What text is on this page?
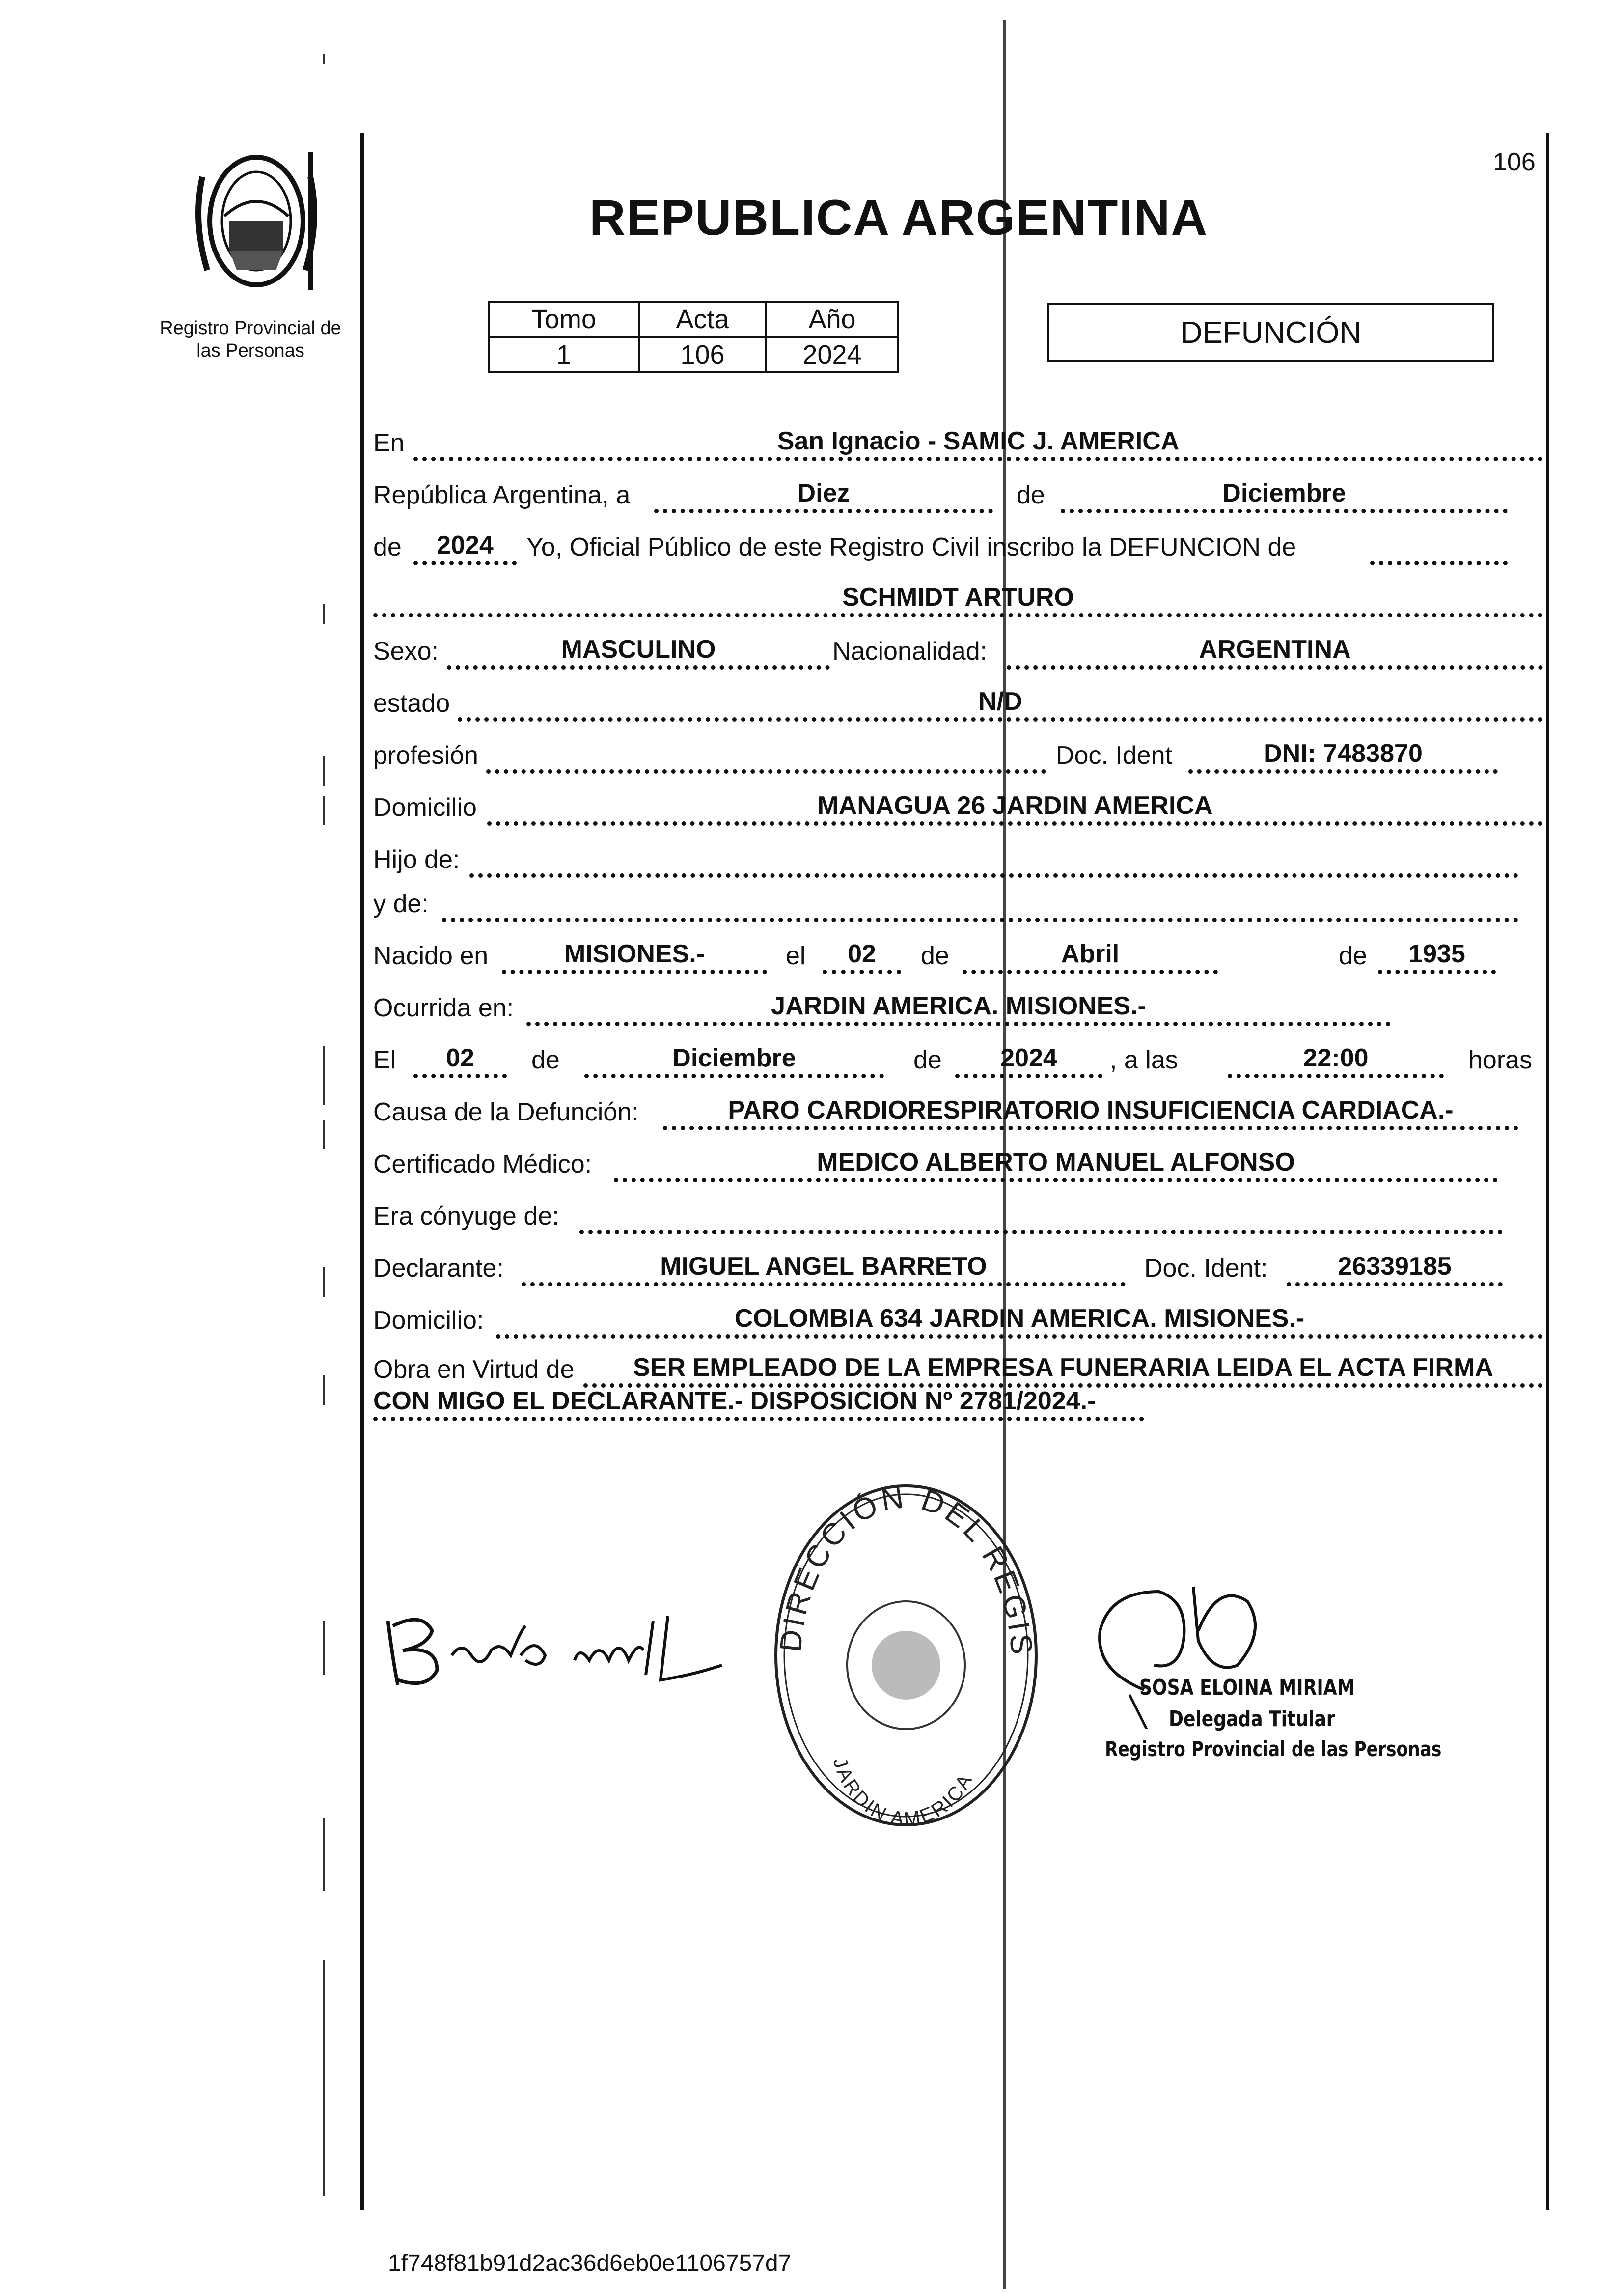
106
Registro Provincial de
las Personas
REPUBLICA ARGENTINA
Tomo	Acta	Año
1	106	2024
DEFUNCIÓN
En	San Ignacio - SAMIC J. AMERICA
República Argentina, a	Diez	de	Diciembre
de	2024	Yo, Oficial Público de este Registro Civil inscribo la DEFUNCION de
SCHMIDT ARTURO
Sexo:	MASCULINO	Nacionalidad:	ARGENTINA
estado	N/D
profesión	Doc. Ident	DNI: 7483870
Domicilio	MANAGUA 26 JARDIN AMERICA
Hijo de:
y de:
Nacido en	MISIONES.-	el	02	de	Abril	de	1935
Ocurrida en:	JARDIN AMERICA. MISIONES.-
El	02	de	Diciembre	de	2024	, a las	22:00	horas
Causa de la Defunción:	PARO CARDIORESPIRATORIO INSUFICIENCIA CARDIACA.-
Certificado Médico:	MEDICO ALBERTO MANUEL ALFONSO
Era cónyuge de:
Declarante:	MIGUEL ANGEL BARRETO	Doc. Ident:	26339185
Domicilio:	COLOMBIA 634 JARDIN AMERICA. MISIONES.-
Obra en Virtud de	SER EMPLEADO DE LA EMPRESA FUNERARIA LEIDA EL ACTA FIRMA
CON MIGO EL DECLARANTE.- DISPOSICION Nº 2781/2024.-
DIRECCIÓN DEL REGIS
JARDIN AMERICA
SOSA ELOINA MIRIAM
Delegada Titular
Registro Provincial de las Personas
1f748f81b91d2ac36d6eb0e1106757d7
